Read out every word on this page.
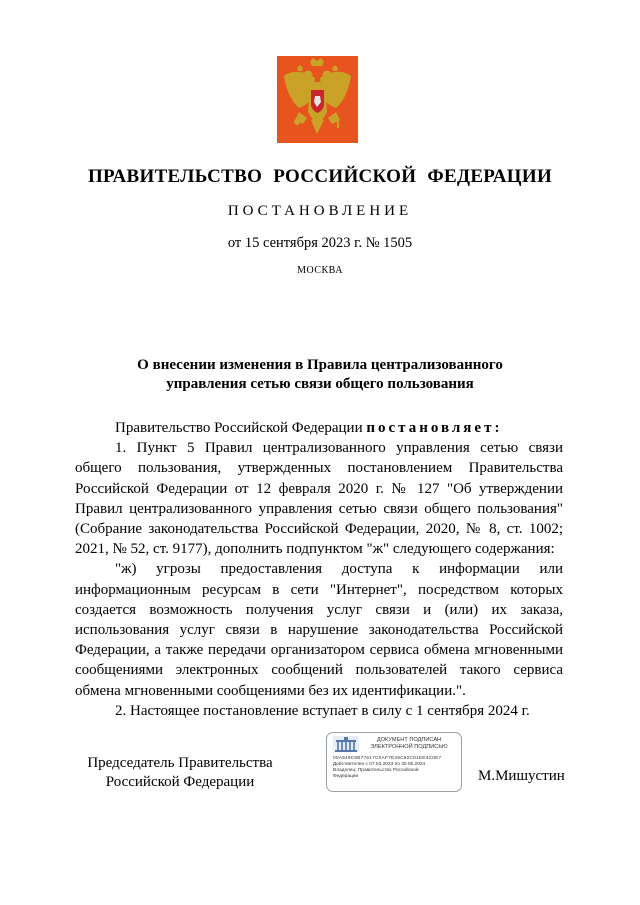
ПРАВИТЕЛЬСТВО РОССИЙСКОЙ ФЕДЕРАЦИИ
ПОСТАНОВЛЕНИЕ
от 15 сентября 2023 г. № 1505
МОСКВА
О внесении изменения в Правила централизованного
управления сетью связи общего пользования

Правительство Российской Федерации постановляет:

1. Пункт 5 Правил централизованного управления сетью связи общего пользования, утвержденных постановлением Правительства Российской Федерации от 12 февраля 2020 г. № 127 "Об утверждении Правил централизованного управления сетью связи общего пользования" (Собрание законодательства Российской Федерации, 2020, № 8, ст. 1002; 2021, № 52, ст. 9177), дополнить подпунктом "ж" следующего содержания:

"ж) угрозы предоставления доступа к информации или информационным ресурсам в сети "Интернет", посредством которых создается возможность получения услуг связи и (или) их заказа, использования услуг связи в нарушение законодательства Российской Федерации, а также передачи организатором сервиса обмена мгновенными сообщениями электронных сообщений пользователей такого сервиса обмена мгновенными сообщениями без их идентификации.".

2. Настоящее постановление вступает в силу с 1 сентября 2024 г.

Председатель Правительства
Российской Федерации
ДОКУМЕНТ ПОДПИСАН
ЭЛЕКТРОННОЙ ПОДПИСЬЮ
00A549C6B77617C0AF7E29C82C81EE4C0E7
Действителен с 07.03.2023 по 30.05.2024
Владелец: Правительство Российской
Федерации	М.Мишустин
